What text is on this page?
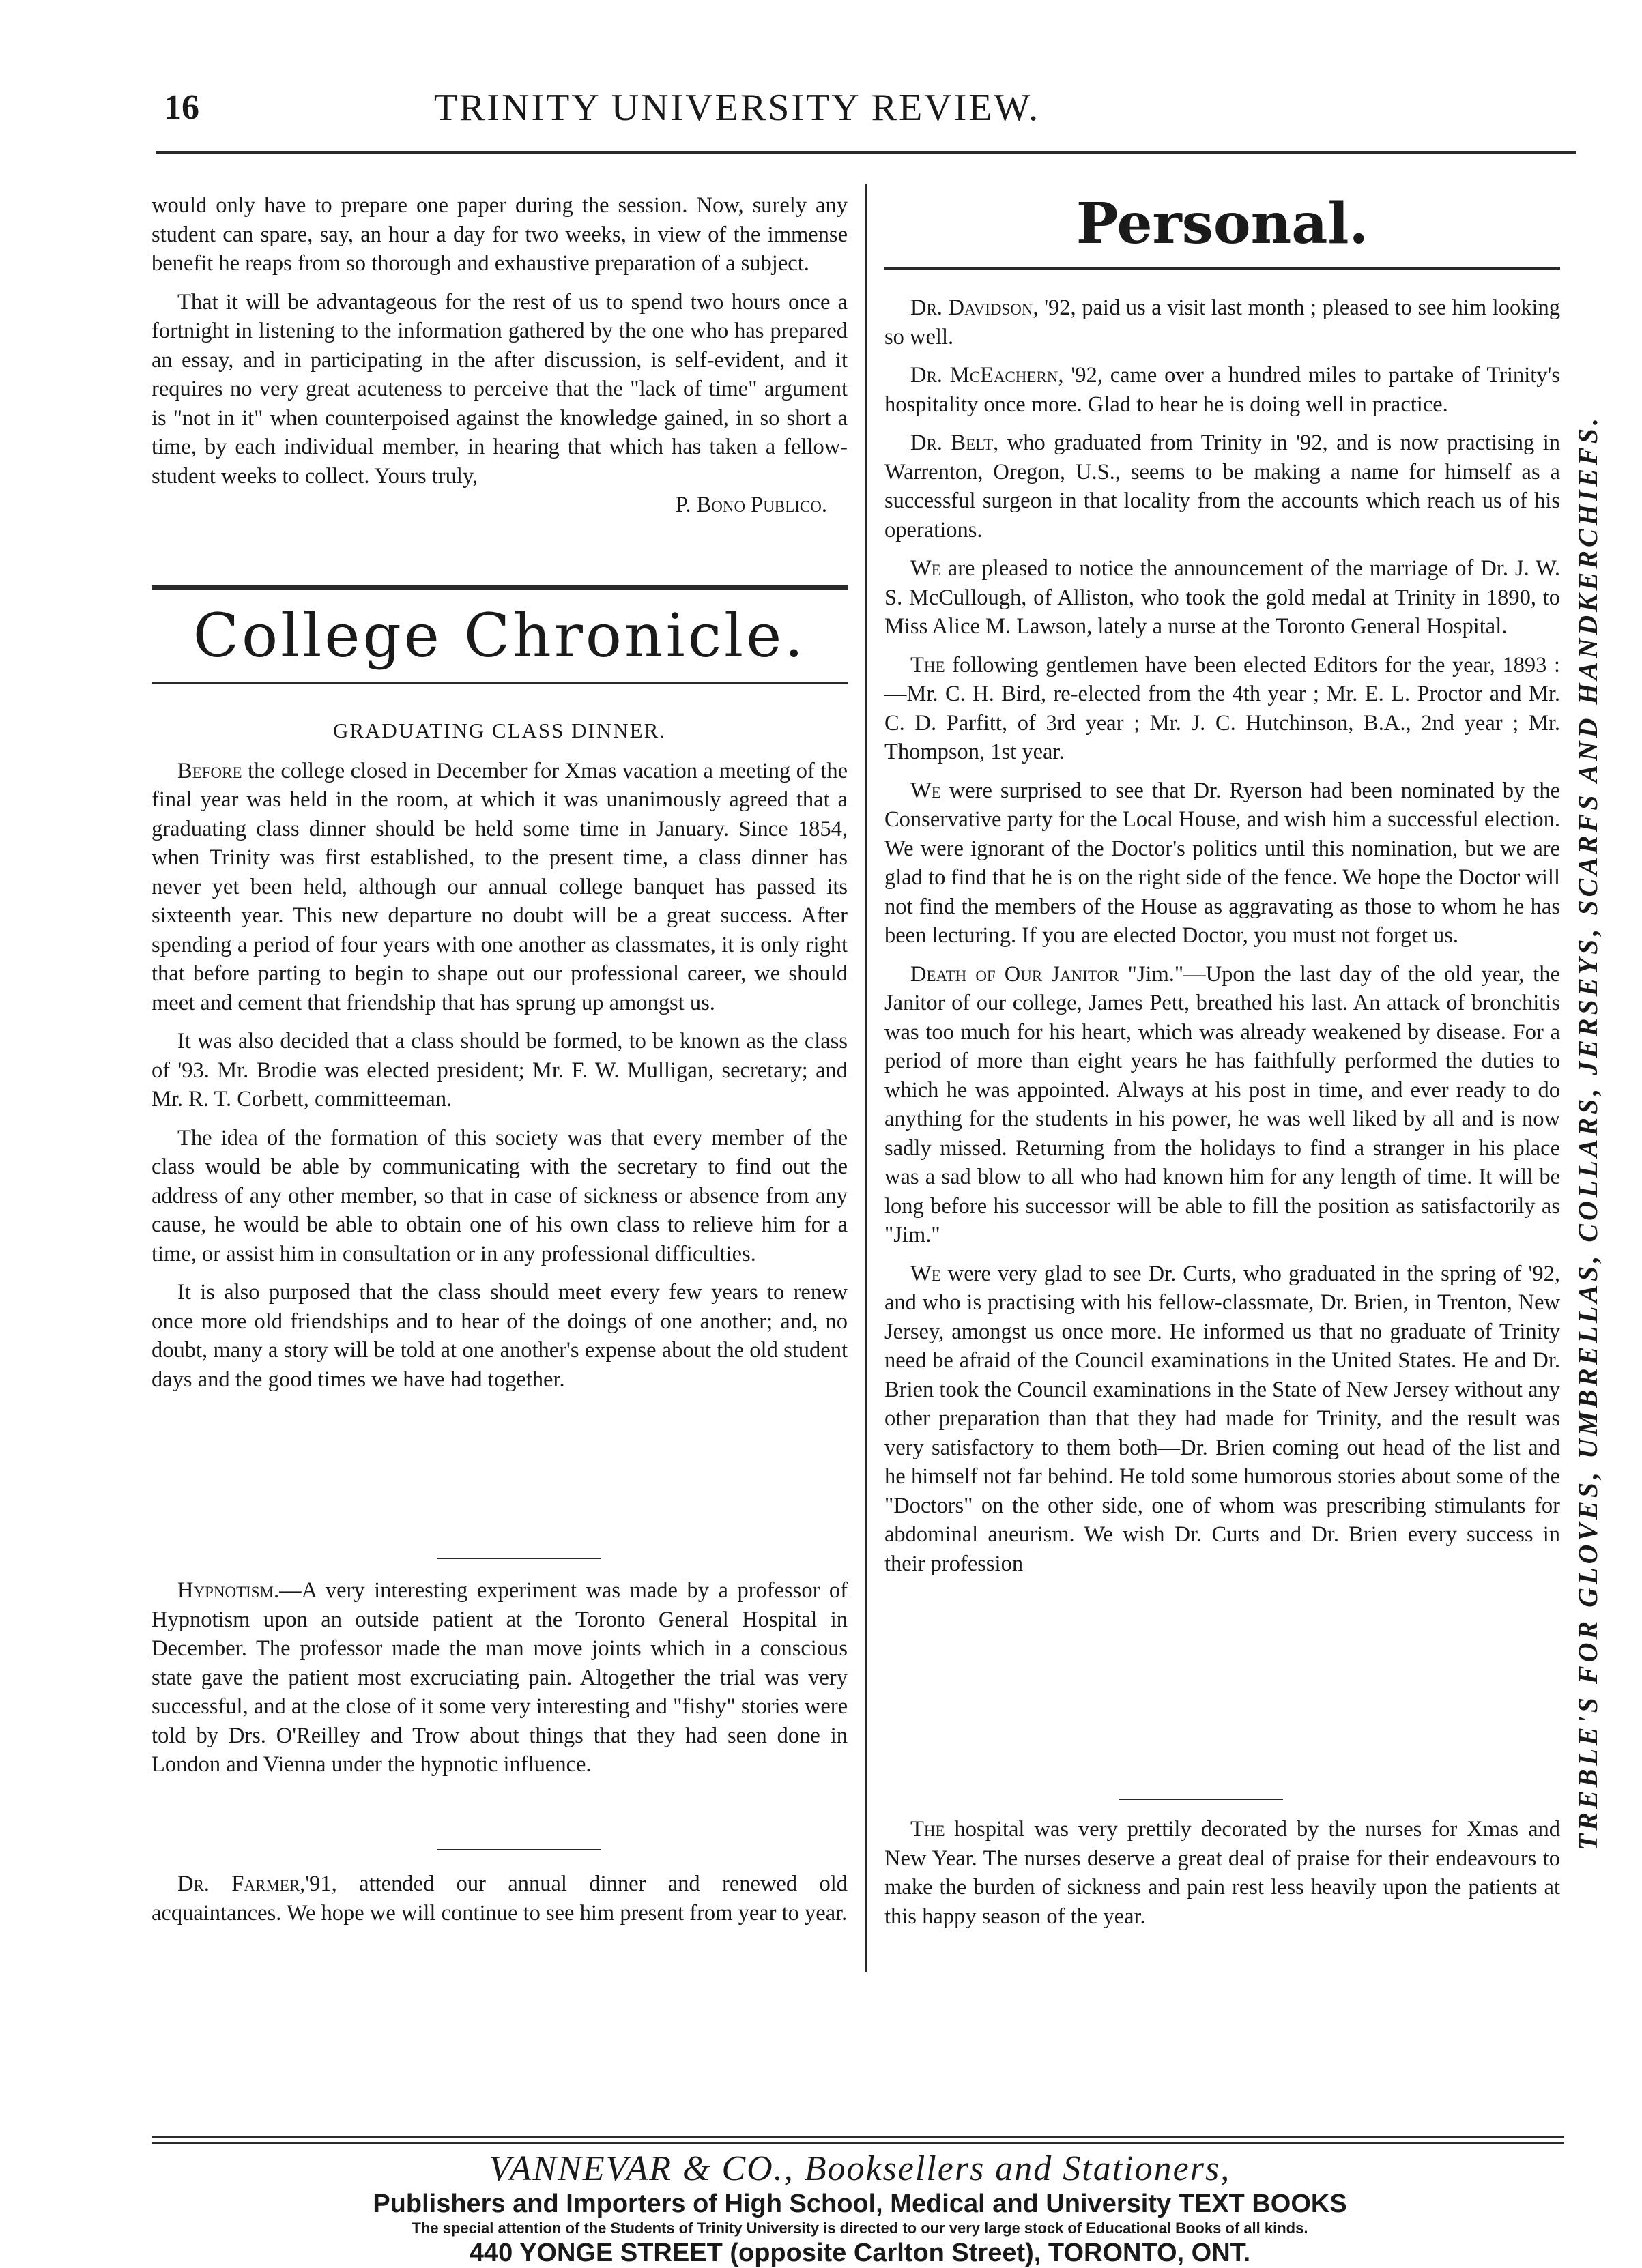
16	TRINITY UNIVERSITY REVIEW.

would only have to prepare one paper during the session. Now, surely any student can spare, say, an hour a day for two weeks, in view of the immense benefit he reaps from so thorough and exhaustive preparation of a subject.

That it will be advantageous for the rest of us to spend two hours once a fortnight in listening to the information gathered by the one who has prepared an essay, and in participating in the after discussion, is self-evident, and it requires no very great acuteness to perceive that the "lack of time" argument is "not in it" when counterpoised against the knowledge gained, in so short a time, by each individual member, in hearing that which has taken a fellow-student weeks to collect. Yours truly,

P. Bono Publico.

College Chronicle.
GRADUATING CLASS DINNER.

Before the college closed in December for Xmas vacation a meeting of the final year was held in the room, at which it was unanimously agreed that a graduating class dinner should be held some time in January. Since 1854, when Trinity was first established, to the present time, a class dinner has never yet been held, although our annual college banquet has passed its sixteenth year. This new departure no doubt will be a great success. After spending a period of four years with one another as classmates, it is only right that before parting to begin to shape out our professional career, we should meet and cement that friendship that has sprung up amongst us.

It was also decided that a class should be formed, to be known as the class of '93. Mr. Brodie was elected president; Mr. F. W. Mulligan, secretary; and Mr. R. T. Corbett, committeeman.

The idea of the formation of this society was that every member of the class would be able by communicating with the secretary to find out the address of any other member, so that in case of sickness or absence from any cause, he would be able to obtain one of his own class to relieve him for a time, or assist him in consultation or in any professional difficulties.

It is also purposed that the class should meet every few years to renew once more old friendships and to hear of the doings of one another; and, no doubt, many a story will be told at one another's expense about the old student days and the good times we have had together.

Hypnotism.—A very interesting experiment was made by a professor of Hypnotism upon an outside patient at the Toronto General Hospital in December. The professor made the man move joints which in a conscious state gave the patient most excruciating pain. Altogether the trial was very successful, and at the close of it some very interesting and "fishy" stories were told by Drs. O'Reilley and Trow about things that they had seen done in London and Vienna under the hypnotic influence.

Dr. Farmer,'91, attended our annual dinner and renewed old acquaintances. We hope we will continue to see him present from year to year.

Personal.

Dr. Davidson, '92, paid us a visit last month ; pleased to see him looking so well.

Dr. McEachern, '92, came over a hundred miles to partake of Trinity's hospitality once more. Glad to hear he is doing well in practice.

Dr. Belt, who graduated from Trinity in '92, and is now practising in Warrenton, Oregon, U.S., seems to be making a name for himself as a successful surgeon in that locality from the accounts which reach us of his operations.

We are pleased to notice the announcement of the marriage of Dr. J. W. S. McCullough, of Alliston, who took the gold medal at Trinity in 1890, to Miss Alice M. Lawson, lately a nurse at the Toronto General Hospital.

The following gentlemen have been elected Editors for the year, 1893 :—Mr. C. H. Bird, re-elected from the 4th year ; Mr. E. L. Proctor and Mr. C. D. Parfitt, of 3rd year ; Mr. J. C. Hutchinson, B.A., 2nd year ; Mr. Thompson, 1st year.

We were surprised to see that Dr. Ryerson had been nominated by the Conservative party for the Local House, and wish him a successful election. We were ignorant of the Doctor's politics until this nomination, but we are glad to find that he is on the right side of the fence. We hope the Doctor will not find the members of the House as aggravating as those to whom he has been lecturing. If you are elected Doctor, you must not forget us.

Death of Our Janitor "Jim."—Upon the last day of the old year, the Janitor of our college, James Pett, breathed his last. An attack of bronchitis was too much for his heart, which was already weakened by disease. For a period of more than eight years he has faithfully performed the duties to which he was appointed. Always at his post in time, and ever ready to do anything for the students in his power, he was well liked by all and is now sadly missed. Returning from the holidays to find a stranger in his place was a sad blow to all who had known him for any length of time. It will be long before his successor will be able to fill the position as satisfactorily as "Jim."

We were very glad to see Dr. Curts, who graduated in the spring of '92, and who is practising with his fellow-classmate, Dr. Brien, in Trenton, New Jersey, amongst us once more. He informed us that no graduate of Trinity need be afraid of the Council examinations in the United States. He and Dr. Brien took the Council examinations in the State of New Jersey without any other preparation than that they had made for Trinity, and the result was very satisfactory to them both—Dr. Brien coming out head of the list and he himself not far behind. He told some humorous stories about some of the "Doctors" on the other side, one of whom was prescribing stimulants for abdominal aneurism. We wish Dr. Curts and Dr. Brien every success in their profession

The hospital was very prettily decorated by the nurses for Xmas and New Year. The nurses deserve a great deal of praise for their endeavours to make the burden of sickness and pain rest less heavily upon the patients at this happy season of the year.

TREBLE'S FOR GLOVES, UMBRELLAS, COLLARS, JERSEYS, SCARFS AND HANDKERCHIEFS.
VANNEVAR & CO., Booksellers and Stationers,
Publishers and Importers of High School, Medical and University TEXT BOOKS
The special attention of the Students of Trinity University is directed to our very large stock of Educational Books of all kinds.
440 YONGE STREET (opposite Carlton Street), TORONTO, ONT.
